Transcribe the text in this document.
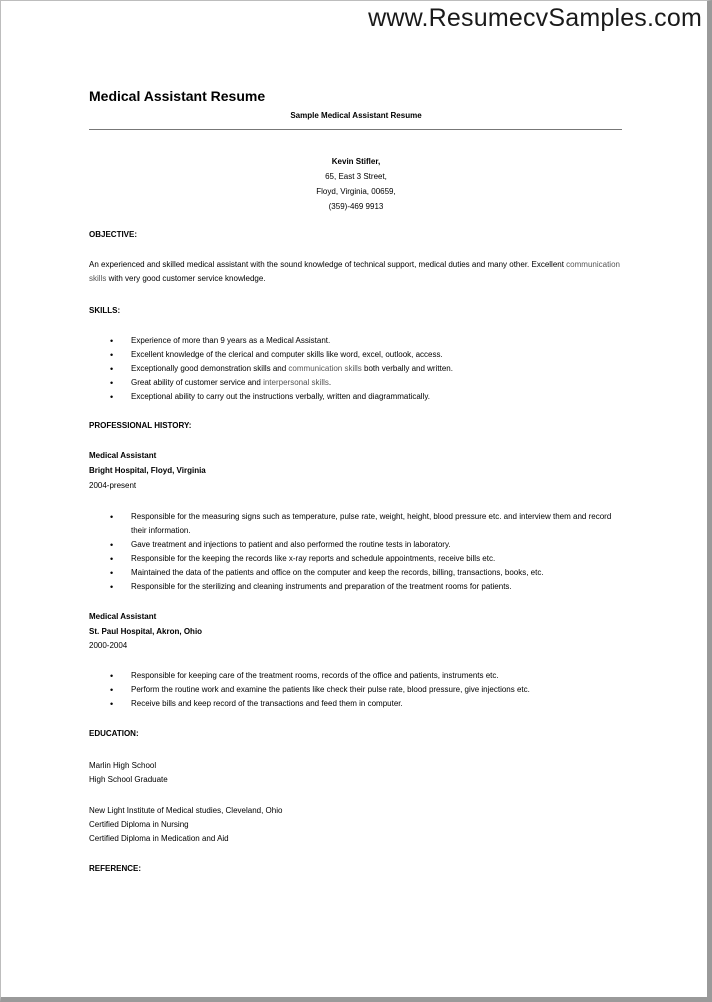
www.ResumecvSamples.com
Medical Assistant Resume
Sample Medical Assistant Resume
Kevin Stifler,
65, East 3 Street,
Floyd, Virginia, 00659,
(359)-469 9913
OBJECTIVE:
An experienced and skilled medical assistant with the sound knowledge of technical support, medical duties and many other. Excellent communication skills with very good customer service knowledge.
SKILLS:
• Experience of more than 9 years as a Medical Assistant.
• Excellent knowledge of the clerical and computer skills like word, excel, outlook, access.
• Exceptionally good demonstration skills and communication skills both verbally and written.
• Great ability of customer service and interpersonal skills.
• Exceptional ability to carry out the instructions verbally, written and diagrammatically.
PROFESSIONAL HISTORY:
Medical Assistant
Bright Hospital, Floyd, Virginia
2004-present
• Responsible for the measuring signs such as temperature, pulse rate, weight, height, blood pressure etc. and interview them and record their information.
• Gave treatment and injections to patient and also performed the routine tests in laboratory.
• Responsible for the keeping the records like x-ray reports and schedule appointments, receive bills etc.
• Maintained the data of the patients and office on the computer and keep the records, billing, transactions, books, etc.
• Responsible for the sterilizing and cleaning instruments and preparation of the treatment rooms for patients.
Medical Assistant
St. Paul Hospital, Akron, Ohio
2000-2004
• Responsible for keeping care of the treatment rooms, records of the office and patients, instruments etc.
• Perform the routine work and examine the patients like check their pulse rate, blood pressure, give injections etc.
• Receive bills and keep record of the transactions and feed them in computer.
EDUCATION:
Marlin High School
High School Graduate
New Light Institute of Medical studies, Cleveland, Ohio
Certified Diploma in Nursing
Certified Diploma in Medication and Aid
REFERENCE:
